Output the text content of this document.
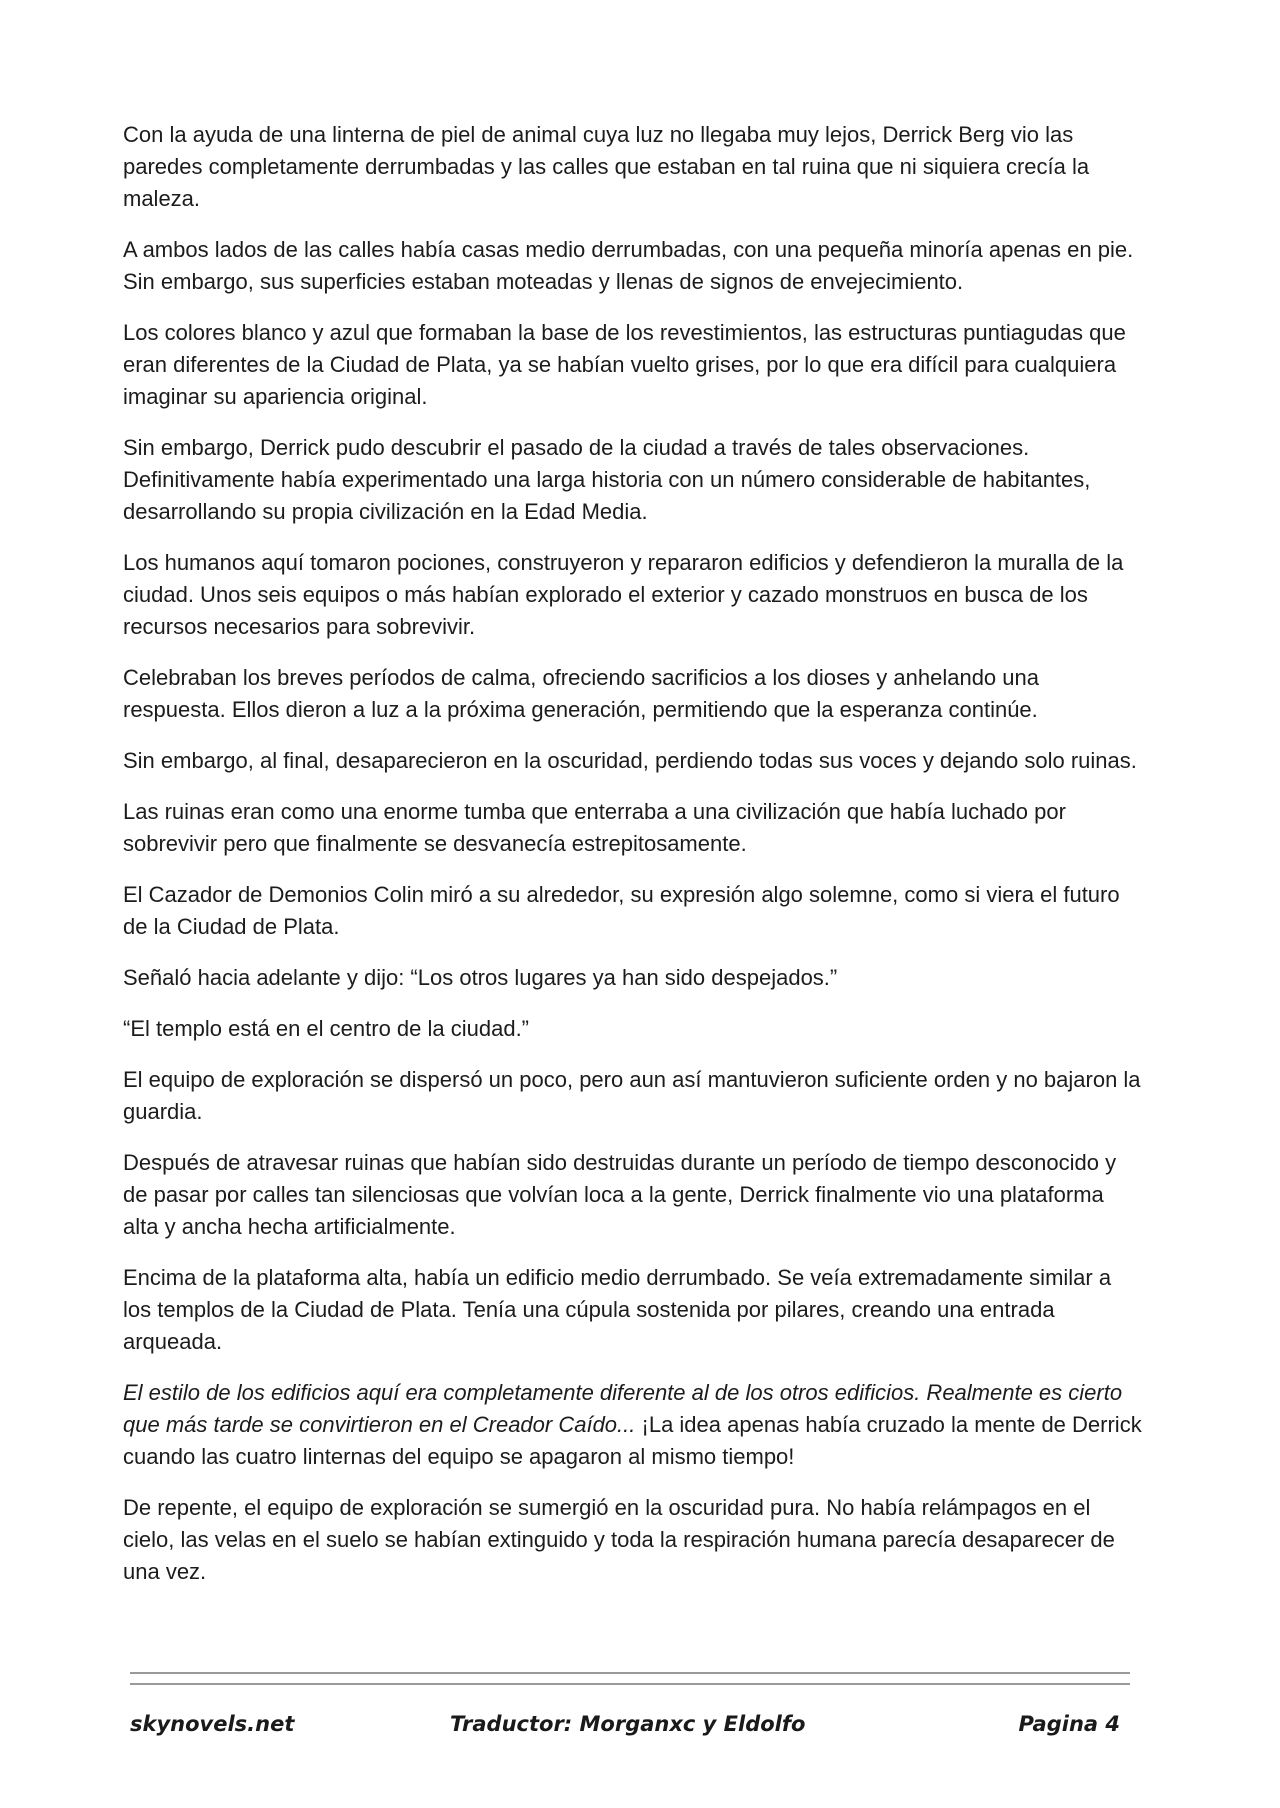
Con la ayuda de una linterna de piel de animal cuya luz no llegaba muy lejos, Derrick Berg vio las paredes completamente derrumbadas y las calles que estaban en tal ruina que ni siquiera crecía la maleza.

A ambos lados de las calles había casas medio derrumbadas, con una pequeña minoría apenas en pie. Sin embargo, sus superficies estaban moteadas y llenas de signos de envejecimiento.

Los colores blanco y azul que formaban la base de los revestimientos, las estructuras puntiagudas que eran diferentes de la Ciudad de Plata, ya se habían vuelto grises, por lo que era difícil para cualquiera imaginar su apariencia original.

Sin embargo, Derrick pudo descubrir el pasado de la ciudad a través de tales observaciones. Definitivamente había experimentado una larga historia con un número considerable de habitantes, desarrollando su propia civilización en la Edad Media.

Los humanos aquí tomaron pociones, construyeron y repararon edificios y defendieron la muralla de la ciudad. Unos seis equipos o más habían explorado el exterior y cazado monstruos en busca de los recursos necesarios para sobrevivir.

Celebraban los breves períodos de calma, ofreciendo sacrificios a los dioses y anhelando una respuesta. Ellos dieron a luz a la próxima generación, permitiendo que la esperanza continúe.

Sin embargo, al final, desaparecieron en la oscuridad, perdiendo todas sus voces y dejando solo ruinas.

Las ruinas eran como una enorme tumba que enterraba a una civilización que había luchado por sobrevivir pero que finalmente se desvanecía estrepitosamente.

El Cazador de Demonios Colin miró a su alrededor, su expresión algo solemne, como si viera el futuro de la Ciudad de Plata.

Señaló hacia adelante y dijo: “Los otros lugares ya han sido despejados.”

“El templo está en el centro de la ciudad.”

El equipo de exploración se dispersó un poco, pero aun así mantuvieron suficiente orden y no bajaron la guardia.

Después de atravesar ruinas que habían sido destruidas durante un período de tiempo desconocido y de pasar por calles tan silenciosas que volvían loca a la gente, Derrick finalmente vio una plataforma alta y ancha hecha artificialmente.

Encima de la plataforma alta, había un edificio medio derrumbado. Se veía extremadamente similar a los templos de la Ciudad de Plata. Tenía una cúpula sostenida por pilares, creando una entrada arqueada.

El estilo de los edificios aquí era completamente diferente al de los otros edificios. Realmente es cierto que más tarde se convirtieron en el Creador Caído... ¡La idea apenas había cruzado la mente de Derrick cuando las cuatro linternas del equipo se apagaron al mismo tiempo!

De repente, el equipo de exploración se sumergió en la oscuridad pura. No había relámpagos en el cielo, las velas en el suelo se habían extinguido y toda la respiración humana parecía desaparecer de una vez.

skynovels.net	Traductor: Morganxc y Eldolfo	Pagina 4
